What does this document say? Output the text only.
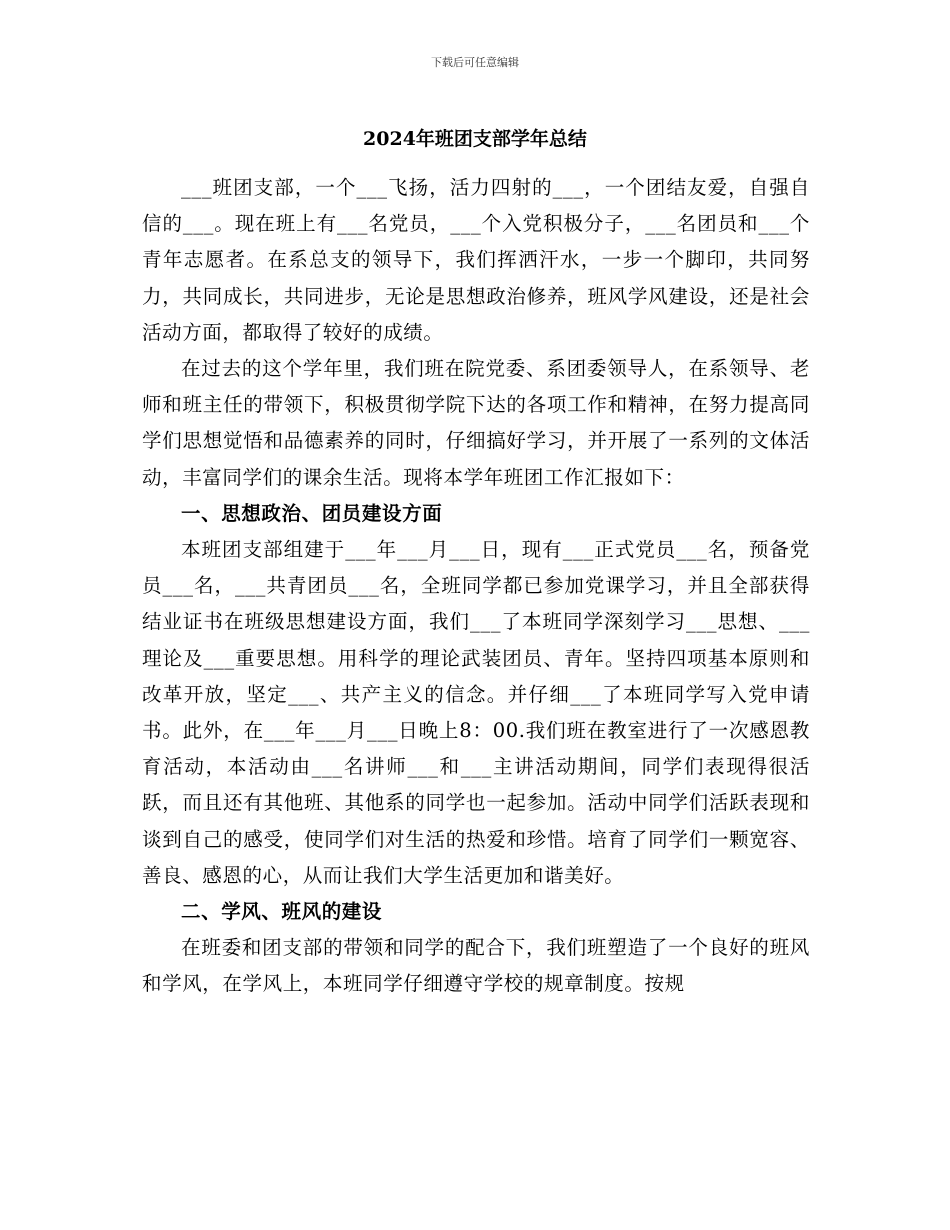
下载后可任意编辑
2024年班团支部学年总结

___班团支部，一个___飞扬，活力四射的___，一个团结友爱，自强自信的___。现在班上有___名党员，___个入党积极分子，___名团员和___个青年志愿者。在系总支的领导下，我们挥洒汗水，一步一个脚印，共同努力，共同成长，共同进步，无论是思想政治修养，班风学风建设，还是社会活动方面，都取得了较好的成绩。

在过去的这个学年里，我们班在院党委、系团委领导人，在系领导、老师和班主任的带领下，积极贯彻学院下达的各项工作和精神，在努力提高同学们思想觉悟和品德素养的同时，仔细搞好学习，并开展了一系列的文体活动，丰富同学们的课余生活。现将本学年班团工作汇报如下：

一、思想政治、团员建设方面

本班团支部组建于___年___月___日，现有___正式党员___名，预备党员___名，___共青团员___名，全班同学都已参加党课学习，并且全部获得结业证书在班级思想建设方面，我们___了本班同学深刻学习___思想、___理论及___重要思想。用科学的理论武装团员、青年。坚持四项基本原则和改革开放，坚定___、共产主义的信念。并仔细___了本班同学写入党申请书。此外，在___年___月___日晚上8：00.我们班在教室进行了一次感恩教育活动，本活动由___名讲师___和___主讲活动期间，同学们表现得很活跃，而且还有其他班、其他系的同学也一起参加。活动中同学们活跃表现和谈到自己的感受，使同学们对生活的热爱和珍惜。培育了同学们一颗宽容、善良、感恩的心，从而让我们大学生活更加和谐美好。

二、学风、班风的建设

在班委和团支部的带领和同学的配合下，我们班塑造了一个良好的班风和学风，在学风上，本班同学仔细遵守学校的规章制度。按规
